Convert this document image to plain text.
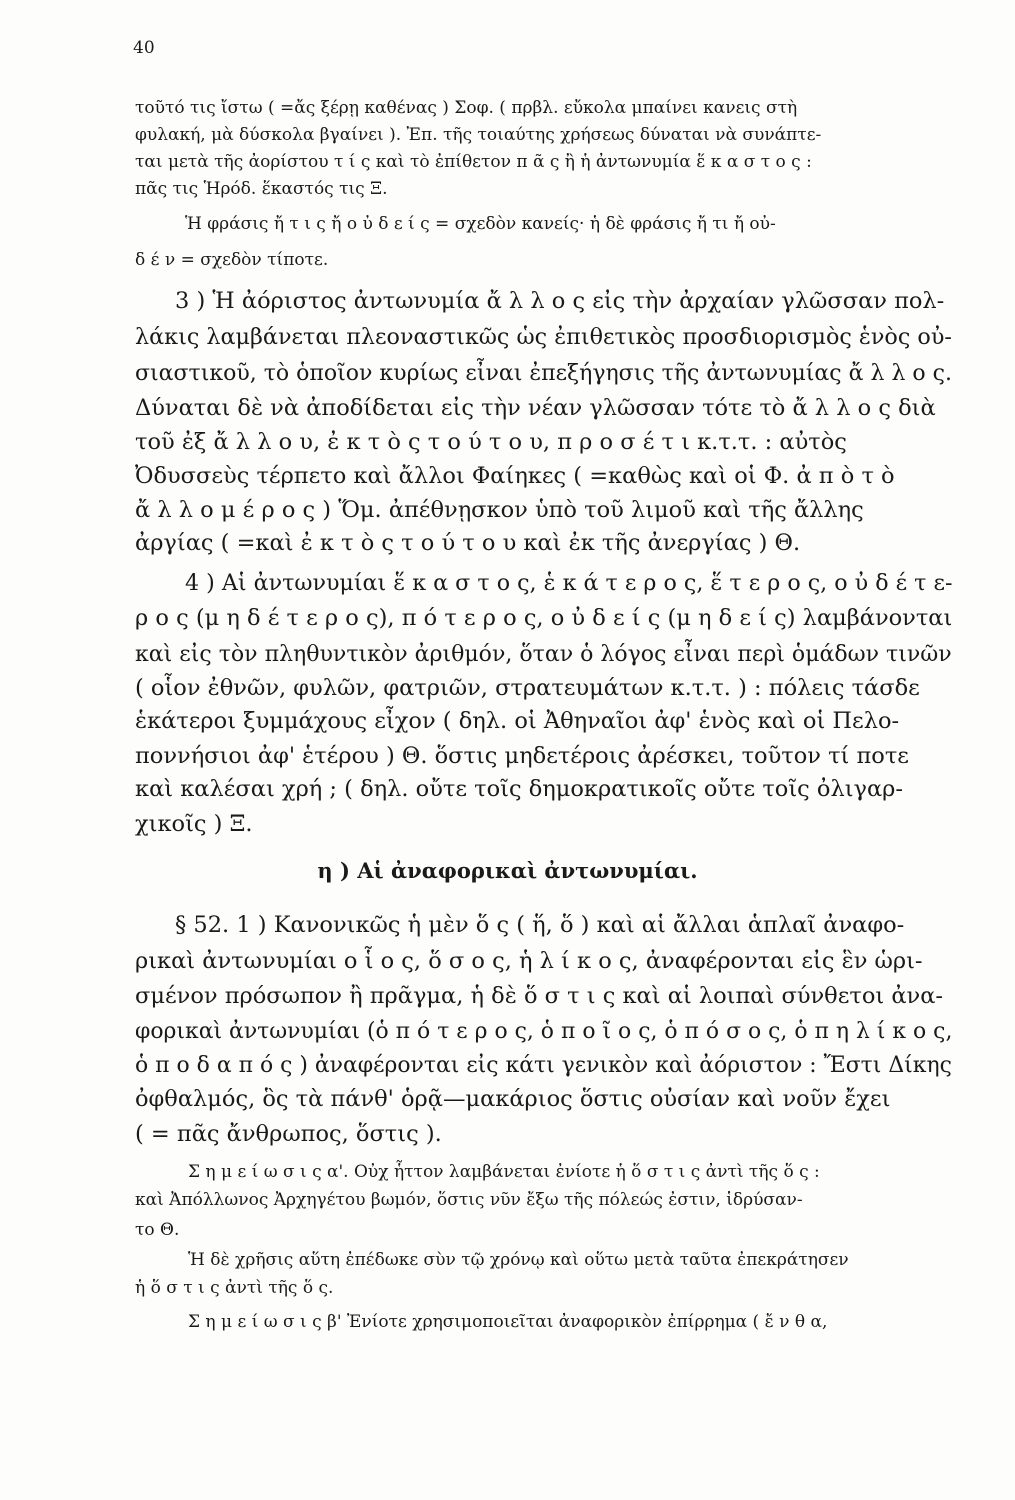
40
τοῦτό τις ἴστω ( =ἄς ξέρῃ καθένας ) Σοφ. ( πρβλ. εὔκολα μπαίνει κανεις στὴ
φυλακή, μὰ δύσκολα βγαίνει ). Ἐπ. τῆς τοιαύτης χρήσεως δύναται νὰ συνάπτε-
ται μετὰ τῆς ἀορίστου τ ί ς καὶ τὸ ἐπίθετον π ᾶ ς ἢ ἡ ἀντωνυμία ἕ κ α σ τ ο ς :
πᾶς τις Ἡρόδ. ἕκαστός τις Ξ.
Ἡ φράσις ἤ τ ι ς ἤ ο ὐ δ ε ί ς = σχεδὸν κανείς· ἡ δὲ φράσις ἤ τι ἤ οὐ-
δ έ ν = σχεδὸν τίποτε.
3 ) Ἡ ἀόριστος ἀντωνυμία ἄ λ λ ο ς εἰς τὴν ἀρχαίαν γλῶσσαν πολ-
λάκις λαμβάνεται πλεοναστικῶς ὡς ἐπιθετικὸς προσδιορισμὸς ἑνὸς οὐ-
σιαστικοῦ, τὸ ὁποῖον κυρίως εἶναι ἐπεξήγησις τῆς ἀντωνυμίας ἄ λ λ ο ς.
Δύναται δὲ νὰ ἀποδίδεται εἰς τὴν νέαν γλῶσσαν τότε τὸ ἄ λ λ ο ς διὰ
τοῦ ἐξ ἄ λ λ ο υ, ἐ κ τ ὸ ς τ ο ύ τ ο υ, π ρ ο σ έ τ ι κ.τ.τ. : αὐτὸς
Ὀδυσσεὺς τέρπετο καὶ ἄλλοι Φαίηκες ( =καθὼς καὶ οἱ Φ. ἀ π ὸ τ ὸ
ἄ λ λ ο μ έ ρ ο ς ) Ὅμ. ἀπέθνῃσκον ὑπὸ τοῦ λιμοῦ καὶ τῆς ἄλλης
ἀργίας ( =καὶ ἐ κ τ ὸ ς τ ο ύ τ ο υ καὶ ἐκ τῆς ἀνεργίας ) Θ.
4 ) Αἱ ἀντωνυμίαι ἕ κ α σ τ ο ς, ἑ κ ά τ ε ρ ο ς, ἕ τ ε ρ ο ς, ο ὐ δ έ τ ε-
ρ ο ς (μ η δ έ τ ε ρ ο ς), π ό τ ε ρ ο ς, ο ὐ δ ε ί ς (μ η δ ε ί ς) λαμβάνονται
καὶ εἰς τὸν πληθυντικὸν ἀριθμόν, ὅταν ὁ λόγος εἶναι περὶ ὁμάδων τινῶν
( οἷον ἐθνῶν, φυλῶν, φατριῶν, στρατευμάτων κ.τ.τ. ) : πόλεις τάσδε
ἑκάτεροι ξυμμάχους εἶχον ( δηλ. οἱ Ἀθηναῖοι ἀφ' ἑνὸς καὶ οἱ Πελο-
ποννήσιοι ἀφ' ἑτέρου ) Θ. ὅστις μηδετέροις ἀρέσκει, τοῦτον τί ποτε
καὶ καλέσαι χρή ; ( δηλ. οὔτε τοῖς δημοκρατικοῖς οὔτε τοῖς ὀλιγαρ-
χικοῖς ) Ξ.
η ) Αἱ ἀναφορικαὶ ἀντωνυμίαι.
§ 52. 1 ) Κανονικῶς ἡ μὲν ὅ ς ( ἥ, ὅ ) καὶ αἱ ἄλλαι ἁπλαῖ ἀναφο-
ρικαὶ ἀντωνυμίαι ο ἷ ο ς, ὅ σ ο ς, ἡ λ ί κ ο ς, ἀναφέρονται εἰς ἓν ὡρι-
σμένον πρόσωπον ἢ πρᾶγμα, ἡ δὲ ὅ σ τ ι ς καὶ αἱ λοιπαὶ σύνθετοι ἀνα-
φορικαὶ ἀντωνυμίαι (ὁ π ό τ ε ρ ο ς, ὁ π ο ῖ ο ς, ὁ π ό σ ο ς, ὁ π η λ ί κ ο ς,
ὁ π ο δ α π ό ς ) ἀναφέρονται εἰς κάτι γενικὸν καὶ ἀόριστον : Ἔστι Δίκης
ὀφθαλμός, ὃς τὰ πάνθ' ὁρᾷ—μακάριος ὅστις οὐσίαν καὶ νοῦν ἔχει
( = πᾶς ἄνθρωπος, ὅστις ).
Σ η μ ε ί ω σ ι ς α'. Οὐχ ἧττον λαμβάνεται ἐνίοτε ἡ ὅ σ τ ι ς ἀντὶ τῆς ὅ ς :
καὶ Ἀπόλλωνος Ἀρχηγέτου βωμόν, ὅστις νῦν ἔξω τῆς πόλεώς ἐστιν, ἱδρύσαν-
το Θ.
Ἡ δὲ χρῆσις αὕτη ἐπέδωκε σὺν τῷ χρόνῳ καὶ οὕτω μετὰ ταῦτα ἐπεκράτησεν
ἡ ὅ σ τ ι ς ἀντὶ τῆς ὅ ς.
Σ η μ ε ί ω σ ι ς β' Ἐνίοτε χρησιμοποιεῖται ἀναφορικὸν ἐπίρρημα ( ἔ ν θ α,
